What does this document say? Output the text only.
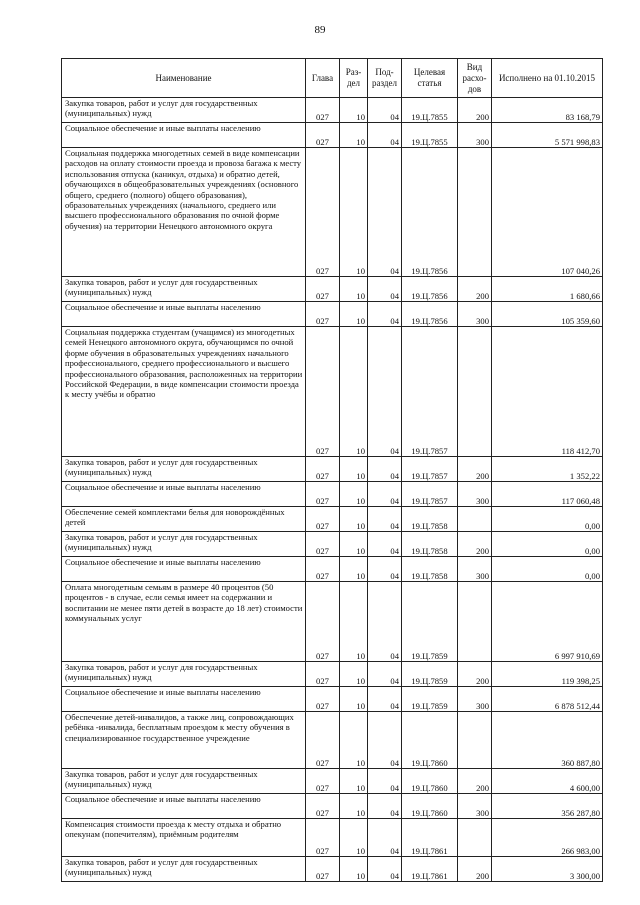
89
Наименование	Глава	Раз-дел	Под-раздел	Целевая статья	Вид расхо-дов	Исполнено на 01.10.2015
Закупка товаров, работ и услуг для государственных (муниципальных) нужд	027	10	04	19.Ц.7855	200	83 168,79
Социальное обеспечение и иные выплаты населению	027	10	04	19.Ц.7855	300	5 571 998,83
Социальная поддержка многодетных семей в виде компенсации расходов на оплату стоимости проезда и провоза багажа к месту использования отпуска (каникул, отдыха) и обратно детей, обучающихся в общеобразовательных учреждениях (основного общего, среднего (полного) общего образования), образовательных учреждениях (начального, среднего или высшего профессионального образования по очной форме обучения) на территории Ненецкого автономного округа	027	10	04	19.Ц.7856		107 040,26
Закупка товаров, работ и услуг для государственных (муниципальных) нужд	027	10	04	19.Ц.7856	200	1 680,66
Социальное обеспечение и иные выплаты населению	027	10	04	19.Ц.7856	300	105 359,60
Социальная поддержка студентам (учащимся) из многодетных семей Ненецкого автономного округа, обучающимся по очной форме обучения в образовательных учреждениях начального профессионального, среднего профессионального и высшего профессионального образования, расположенных на территории Российской Федерации, в виде компенсации стоимости проезда к месту учёбы и обратно	027	10	04	19.Ц.7857		118 412,70
Закупка товаров, работ и услуг для государственных (муниципальных) нужд	027	10	04	19.Ц.7857	200	1 352,22
Социальное обеспечение и иные выплаты населению	027	10	04	19.Ц.7857	300	117 060,48
Обеспечение семей комплектами белья для новорождённых детей	027	10	04	19.Ц.7858		0,00
Закупка товаров, работ и услуг для государственных (муниципальных) нужд	027	10	04	19.Ц.7858	200	0,00
Социальное обеспечение и иные выплаты населению	027	10	04	19.Ц.7858	300	0,00
Оплата многодетным семьям в размере 40 процентов (50 процентов - в случае, если семья имеет на содержании и воспитании не менее пяти детей в возрасте до 18 лет) стоимости коммунальных услуг	027	10	04	19.Ц.7859		6 997 910,69
Закупка товаров, работ и услуг для государственных (муниципальных) нужд	027	10	04	19.Ц.7859	200	119 398,25
Социальное обеспечение и иные выплаты населению	027	10	04	19.Ц.7859	300	6 878 512,44
Обеспечение детей-инвалидов, а также лиц, сопровождающих ребёнка -инвалида, бесплатным проездом к месту обучения в специализированное государственное учреждение	027	10	04	19.Ц.7860		360 887,80
Закупка товаров, работ и услуг для государственных (муниципальных) нужд	027	10	04	19.Ц.7860	200	4 600,00
Социальное обеспечение и иные выплаты населению	027	10	04	19.Ц.7860	300	356 287,80
Компенсация стоимости проезда к месту отдыха и обратно опекунам (попечителям), приёмным родителям	027	10	04	19.Ц.7861		266 983,00
Закупка товаров, работ и услуг для государственных (муниципальных) нужд	027	10	04	19.Ц.7861	200	3 300,00
